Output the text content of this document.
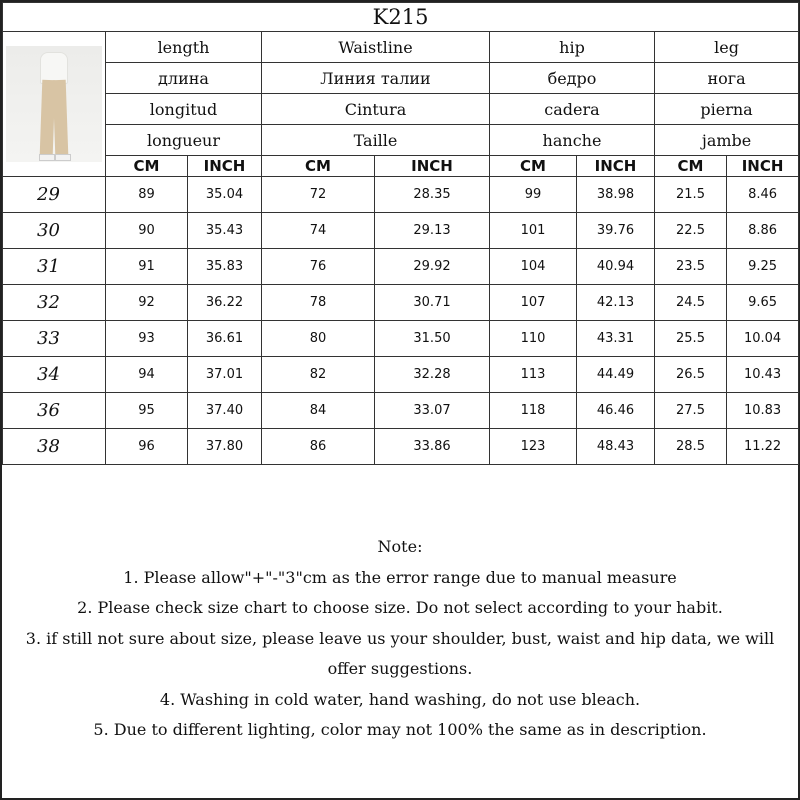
K215								

	length		Waistline		hip		leg	
	длина		Линия талии		бедро		нога	
	longitud		Cintura		cadera		pierna	
	longueur		Taille		hanche		jambe	
	CM	INCH	CM	INCH	CM	INCH	CM	INCH
29	89	35.04	72	28.35	99	38.98	21.5	8.46
30	90	35.43	74	29.13	101	39.76	22.5	8.86
31	91	35.83	76	29.92	104	40.94	23.5	9.25
32	92	36.22	78	30.71	107	42.13	24.5	9.65
33	93	36.61	80	31.50	110	43.31	25.5	10.04
34	94	37.01	82	32.28	113	44.49	26.5	10.43
36	95	37.40	84	33.07	118	46.46	27.5	10.83
38	96	37.80	86	33.86	123	48.43	28.5	11.22

Note:

1. Please allow"+"-"3"cm as the error range due to manual measure

2. Please check size chart to choose size. Do not select according to your habit.

3. if still not sure about size, please leave us your shoulder, bust, waist and hip data, we will offer suggestions.

4. Washing in cold water, hand washing, do not use bleach.

5. Due to different lighting, color may not 100% the same as in description.
